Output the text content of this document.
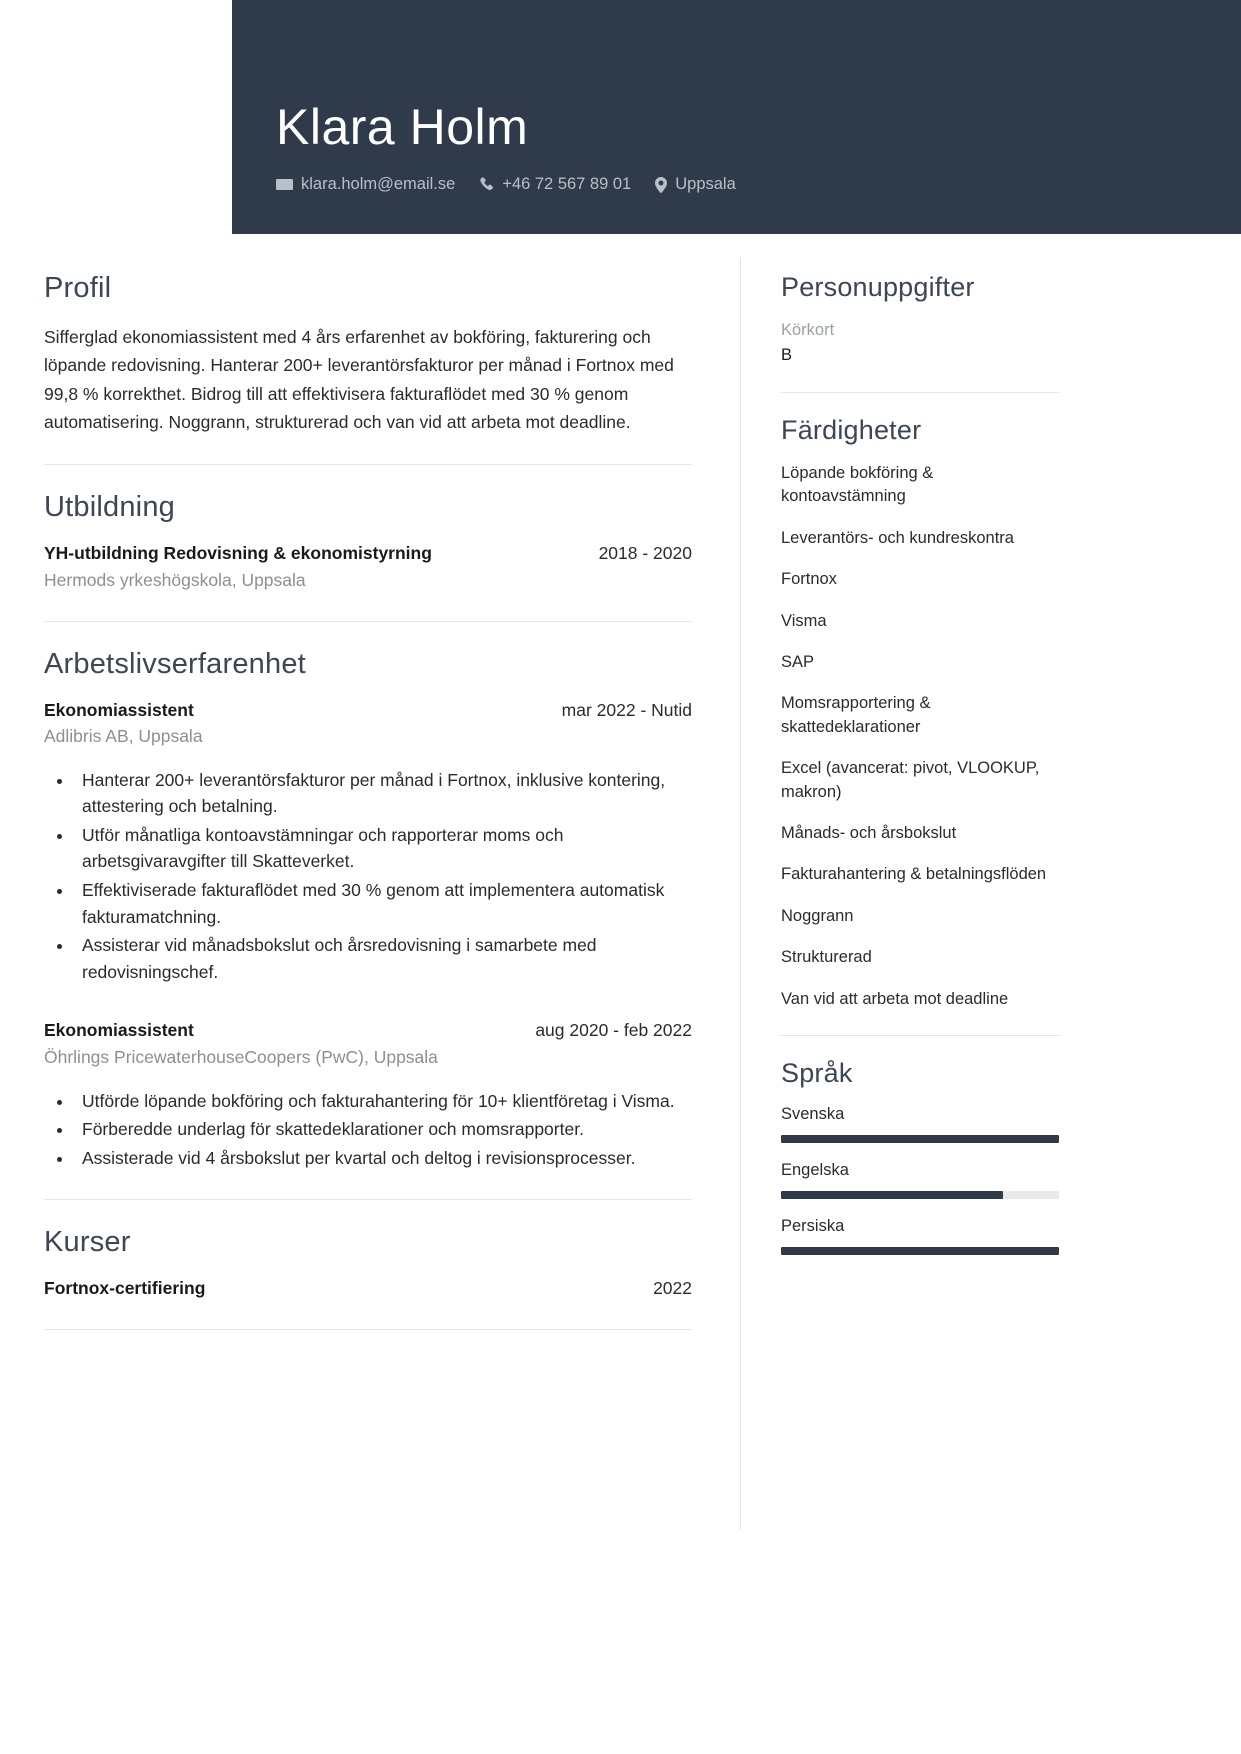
Klara Holm
klara.holm@email.se	+46 72 567 89 01	Uppsala
Profil
Sifferglad ekonomiassistent med 4 års erfarenhet av bokföring, fakturering och löpande redovisning. Hanterar 200+ leverantörsfakturor per månad i Fortnox med 99,8 % korrekthet. Bidrog till att effektivisera fakturaflödet med 30 % genom automatisering. Noggrann, strukturerad och van vid att arbeta mot deadline.
Utbildning
YH-utbildning Redovisning & ekonomistyrning	2018 - 2020
Hermods yrkeshögskola, Uppsala
Arbetslivserfarenhet
Ekonomiassistent	mar 2022 - Nutid
Adlibris AB, Uppsala
• Hanterar 200+ leverantörsfakturor per månad i Fortnox, inklusive kontering, attestering och betalning.
• Utför månatliga kontoavstämningar och rapporterar moms och arbetsgivaravgifter till Skatteverket.
• Effektiviserade fakturaflödet med 30 % genom att implementera automatisk fakturamatchning.
• Assisterar vid månadsbokslut och årsredovisning i samarbete med redovisningschef.
Ekonomiassistent	aug 2020 - feb 2022
Öhrlings PricewaterhouseCoopers (PwC), Uppsala
• Utförde löpande bokföring och fakturahantering för 10+ klientföretag i Visma.
• Förberedde underlag för skattedeklarationer och momsrapporter.
• Assisterade vid 4 årsbokslut per kvartal och deltog i revisionsprocesser.
Kurser
Fortnox-certifiering	2022
Personuppgifter
Körkort
B
Färdigheter
Löpande bokföring & kontoavstämning
Leverantörs- och kundreskontra
Fortnox
Visma
SAP
Momsrapportering & skattedeklarationer
Excel (avancerat: pivot, VLOOKUP, makron)
Månads- och årsbokslut
Fakturahantering & betalningsflöden
Noggrann
Strukturerad
Van vid att arbeta mot deadline
Språk
Svenska
Engelska
Persiska
